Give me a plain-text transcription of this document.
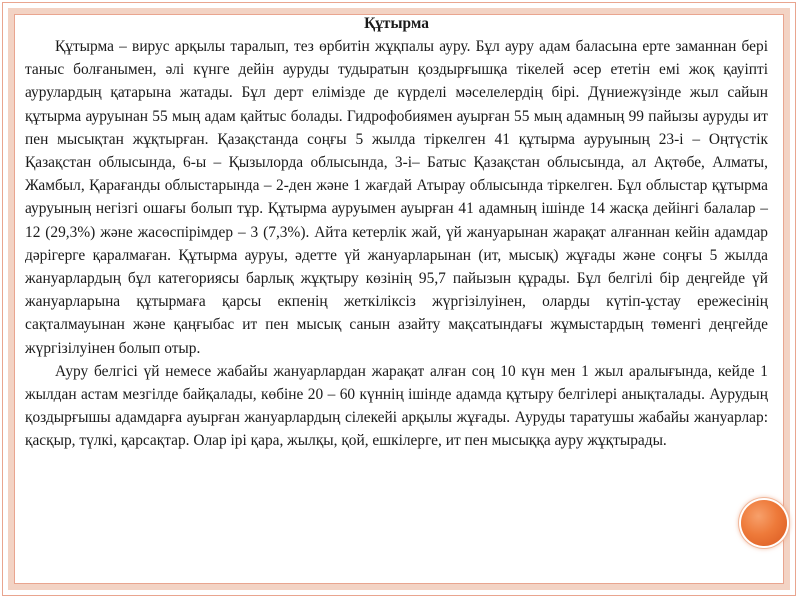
Құтырма

Құтырма – вирус арқылы таралып, тез өрбитін жұқпалы ауру. Бұл ауру адам баласына ерте заманнан бері таныс болғанымен, әлі күнге дейін ауруды тудыратын қоздырғышқа тікелей әсер ететін емі жоқ қауіпті аурулардың қатарына жатады. Бұл дерт елімізде де күрделі мәселелердің бірі. Дүниежүзінде жыл сайын құтырма ауруынан 55 мың адам қайтыс болады. Гидрофобиямен ауырған 55 мың адамның 99 пайызы ауруды ит пен мысықтан жұқтырған. Қазақстанда соңғы 5 жылда тіркелген 41 құтырма ауруының 23-і – Оңтүстік Қазақстан облысында, 6-ы – Қызылорда облысында, 3-і– Батыс Қазақстан облысында, ал Ақтөбе, Алматы, Жамбыл, Қарағанды облыстарында – 2-ден және 1 жағдай Атырау облысында тіркелген. Бұл облыстар құтырма ауруының негізгі ошағы болып тұр. Құтырма ауруымен ауырған 41 адамның ішінде 14 жасқа дейінгі балалар – 12 (29,3%) және жасөспірімдер – 3 (7,3%). Айта кетерлік жай, үй жануарынан жарақат алғаннан кейін адамдар дәрігерге қаралмаған. Құтырма ауруы, әдетте үй жануарларынан (ит, мысық) жұғады және соңғы 5 жылда жануарлардың бұл категориясы барлық жұқтыру көзінің 95,7 пайызын құрады. Бұл белгілі бір деңгейде үй жануарларына құтырмаға қарсы екпенің жеткіліксіз жүргізілуінен, оларды күтіп-ұстау ережесінің сақталмауынан және қаңғыбас ит пен мысық санын азайту мақсатындағы жұмыстардың төменгі деңгейде жүргізілуінен болып отыр.

Ауру белгісі үй немесе жабайы жануарлардан жарақат алған соң 10 күн мен 1 жыл аралығында, кейде 1 жылдан астам мезгілде байқалады, көбіне 20 – 60 күннің ішінде адамда құтыру белгілері анықталады. Аурудың қоздырғышы адамдарға ауырған жануарлардың сілекейі арқылы жұғады. Ауруды таратушы жабайы жануарлар: қасқыр, түлкі, қарсақтар. Олар ірі қара, жылқы, қой, ешкілерге, ит пен мысыққа ауру жұқтырады.
